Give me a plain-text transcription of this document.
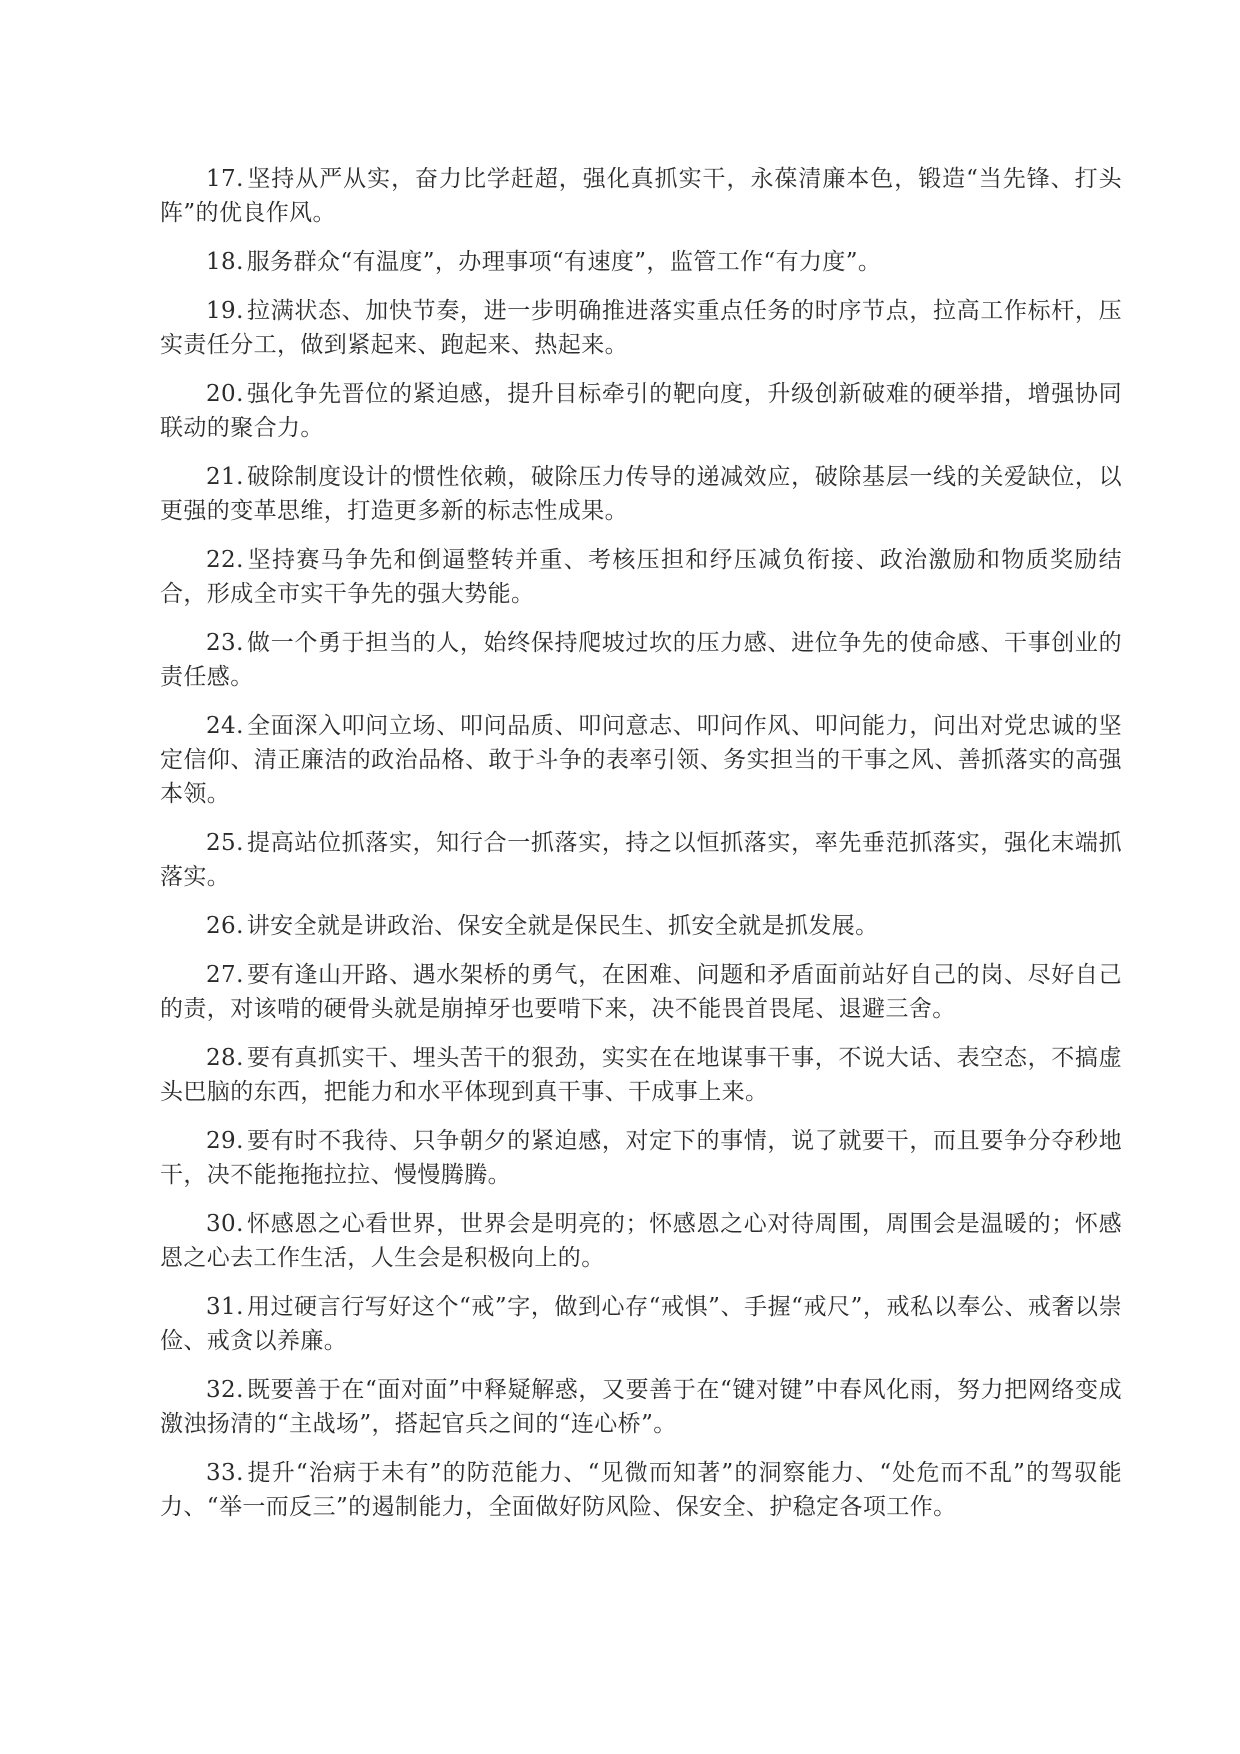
17. 坚持从严从实，奋力比学赶超，强化真抓实干，永葆清廉本色，锻造“当先锋、打头阵”的优良作风。

18. 服务群众“有温度”，办理事项“有速度”，监管工作“有力度”。

19. 拉满状态、加快节奏，进一步明确推进落实重点任务的时序节点，拉高工作标杆，压实责任分工，做到紧起来、跑起来、热起来。

20. 强化争先晋位的紧迫感，提升目标牵引的靶向度，升级创新破难的硬举措，增强协同联动的聚合力。

21. 破除制度设计的惯性依赖，破除压力传导的递减效应，破除基层一线的关爱缺位，以更强的变革思维，打造更多新的标志性成果。

22. 坚持赛马争先和倒逼整转并重、考核压担和纾压减负衔接、政治激励和物质奖励结合，形成全市实干争先的强大势能。

23. 做一个勇于担当的人，始终保持爬坡过坎的压力感、进位争先的使命感、干事创业的责任感。

24. 全面深入叩问立场、叩问品质、叩问意志、叩问作风、叩问能力，问出对党忠诚的坚定信仰、清正廉洁的政治品格、敢于斗争的表率引领、务实担当的干事之风、善抓落实的高强本领。

25. 提高站位抓落实，知行合一抓落实，持之以恒抓落实，率先垂范抓落实，强化末端抓落实。

26. 讲安全就是讲政治、保安全就是保民生、抓安全就是抓发展。

27. 要有逢山开路、遇水架桥的勇气，在困难、问题和矛盾面前站好自己的岗、尽好自己的责，对该啃的硬骨头就是崩掉牙也要啃下来，决不能畏首畏尾、退避三舍。

28. 要有真抓实干、埋头苦干的狠劲，实实在在地谋事干事，不说大话、表空态，不搞虚头巴脑的东西，把能力和水平体现到真干事、干成事上来。

29. 要有时不我待、只争朝夕的紧迫感，对定下的事情，说了就要干，而且要争分夺秒地干，决不能拖拖拉拉、慢慢腾腾。

30. 怀感恩之心看世界，世界会是明亮的；怀感恩之心对待周围，周围会是温暖的；怀感恩之心去工作生活，人生会是积极向上的。

31. 用过硬言行写好这个“戒”字，做到心存“戒惧”、手握“戒尺”，戒私以奉公、戒奢以崇俭、戒贪以养廉。

32. 既要善于在“面对面”中释疑解惑，又要善于在“键对键”中春风化雨，努力把网络变成激浊扬清的“主战场”，搭起官兵之间的“连心桥”。

33. 提升“治病于未有”的防范能力、“见微而知著”的洞察能力、“处危而不乱”的驾驭能力、“举一而反三”的遏制能力，全面做好防风险、保安全、护稳定各项工作。
